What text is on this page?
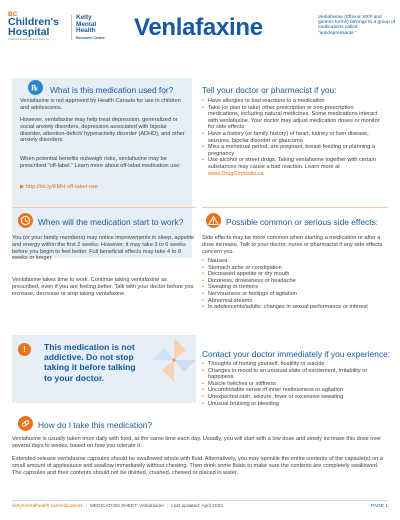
BC
Children's
Hospital
Provincial Health Services Authority
Kelty
Mental
Health
Resource Centre	Venlafaxine	Venlafaxine (Effexor XR® and generic forms) belongs to a group of medications called "antidepressants."
℞ What is this medication used for?
Venlafaxine is not approved by Health Canada for use in children and adolescents.
However, venlafaxine may help treat depression, generalized or social anxiety disorders, depression associated with bipolar disorder, attention-deficit/ hyperactivity disorder (ADHD), and other anxiety disorders.
When potential benefits outweigh risks, venlafaxine may be prescribed "off-label." Learn more about off-label medication use:
▶ http://bit.ly/KMH-off-label-use
Tell your doctor or pharmacist if you:
• Have allergies or bad reactions to a medication
• Take (or plan to take) other prescription or non-prescription medications, including natural medicines. Some medications interact with venlafaxine. Your doctor may adjust medication doses or monitor for side effects
• Have a history (or family history) of heart, kidney or liver disease, seizures, bipolar disorder or glaucoma
• Miss a menstrual period, are pregnant, breast-feeding or planning a pregnancy
• Use alcohol or street drugs. Taking venlafaxine together with certain substances may cause a bad reaction. Learn more at www.DrugCocktails.ca
When will the medication start to work?
You (or your family members) may notice improvements in sleep, appetite and energy within the first 2 weeks. However, it may take 3 to 6 weeks before you begin to feel better. Full beneficial effects may take 4 to 8 weeks or longer.
Venlafaxine takes time to work. Continue taking venlafaxine as prescribed, even if you are feeling better. Talk with your doctor before you increase, decrease or stop taking venlafaxine.
Possible common or serious side effects:
Side effects may be more common when starting a medication or after a dose increase. Talk to your doctor, nurse or pharmacist if any side effects concern you.
• Nausea
• Stomach ache or constipation
• Decreased appetite or dry mouth
• Dizziness, drowsiness or headache
• Sweating or tremors
• Nervousness or feelings of agitation
• Abnormal dreams
• In adolescents/adults: changes in sexual performance or interest
!	This medication is not addictive. Do not stop taking it before talking to your doctor.
Contact your doctor immediately if you experience:
• Thoughts of hurting yourself, hostility or suicide
• Changes in mood to an unusual state of excitement, irritability or happiness
• Muscle twitches or stiffness
• Uncomfortable sense of inner restlessness or agitation
• Unexpected rash, seizure, fever or excessive sweating
• Unusual bruising or bleeding
How do I take this medication?
Venlafaxine is usually taken once daily with food, at the same time each day. Usually, you will start with a low dose and slowly increase this dose over several days to weeks, based on how you tolerate it.
Extended-release venlafaxine capsules should be swallowed whole with fluid. Alternatively, you may sprinkle the entire contents of the capsule(s) on a small amount of applesauce and swallow immediately without chewing. Then drink some fluids to make sure the contents are completely swallowed. The capsules and their contents should not be divided, crushed, chewed or placed in water.
keltymentalhealth.ca/medications | MEDICATION SHEET: Venlafaxine | Last updated: April 2022	PAGE 1
